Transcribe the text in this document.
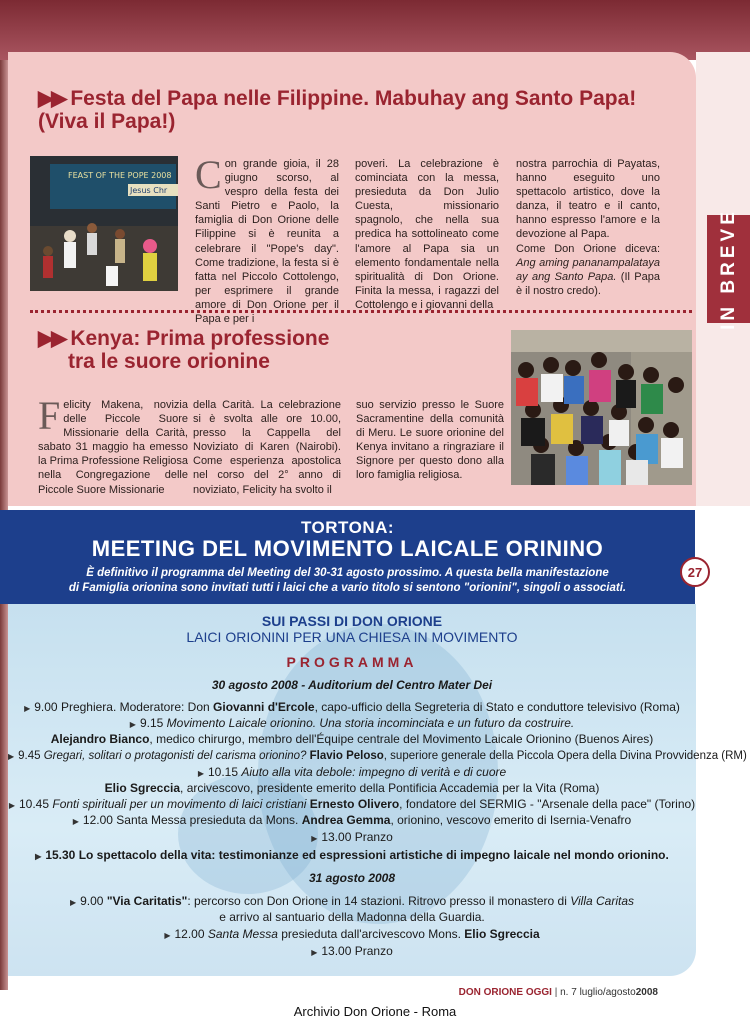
IN BREVE
▶▶ Festa del Papa nelle Filippine. Mabuhay ang Santo Papa!
(Viva il Papa!)
FEAST OF THE POPE 2008
Jesus Chr Con grande gioia, il 28 giugno scorso, al vespro della festa dei Santi Pietro e Paolo, la famiglia di Don Orione delle Filippine si è reunita a celebrare il "Pope's day". Come tradizione, la festa si è fatta nel Piccolo Cottolengo, per esprimere il grande amore di Don Orione per il Papa e per i
poveri. La celebrazione è cominciata con la messa, presieduta da Don Julio Cuesta, missionario spagnolo, che nella sua predica ha sottolineato come l'amore al Papa sia un elemento fondamentale nella spiritualità di Don Orione. Finita la messa, i ragazzi del Cottolengo e i giovanni della
nostra parrochia di Payatas, hanno eseguito uno spettacolo artistico, dove la danza, il teatro e il canto, hanno espresso l'amore e la devozione al Papa.
Come Don Orione diceva: Ang aming pananampalataya ay ang Santo Papa. (Il Papa è il nostro credo).
▶▶ Kenya: Prima professione
tra le suore orionine
Felicity Makena, novizia delle Piccole Suore Missionarie della Carità, sabato 31 maggio ha emesso la Prima Professione Religiosa nella Congregazione delle Piccole Suore Missionarie
della Carità. La celebrazione si è svolta alle ore 10.00, presso la Cappella del Noviziato di Karen (Nairobi). Come esperienza apostolica nel corso del 2° anno di noviziato, Felicity ha svolto il
suo servizio presso le Suore Sacramentine della comunità di Meru. Le suore orionine del Kenya invitano a ringraziare il Signore per questo dono alla loro famiglia religiosa.
TORTONA:
MEETING DEL MOVIMENTO LAICALE ORININO
È definitivo il programma del Meeting del 30-31 agosto prossimo. A questa bella manifestazione
di Famiglia orionina sono invitati tutti i laici che a vario titolo si sentono "orionini", singoli o associati.
27
SUI PASSI DI DON ORIONE
LAICI ORIONINI PER UNA CHIESA IN MOVIMENTO
PROGRAMMA
30 agosto 2008 - Auditorium del Centro Mater Dei
▶ 9.00 Preghiera. Moderatore: Don Giovanni d'Ercole, capo-ufficio della Segreteria di Stato e conduttore televisivo (Roma)
▶ 9.15 Movimento Laicale orionino. Una storia incominciata e un futuro da costruire.
Alejandro Bianco, medico chirurgo, membro dell'Équipe centrale del Movimento Laicale Orionino (Buenos Aires)
▶ 9.45 Gregari, solitari o protagonisti del carisma orionino? Flavio Peloso, superiore generale della Piccola Opera della Divina Provvidenza (RM)
▶ 10.15 Aiuto alla vita debole: impegno di verità e di cuore
Elio Sgreccia, arcivescovo, presidente emerito della Pontificia Accademia per la Vita (Roma)
▶ 10.45 Fonti spirituali per un movimento di laici cristiani Ernesto Olivero, fondatore del SERMIG - "Arsenale della pace" (Torino)
▶ 12.00 Santa Messa presieduta da Mons. Andrea Gemma, orionino, vescovo emerito di Isernia-Venafro
▶ 13.00 Pranzo
▶ 15.30 Lo spettacolo della vita: testimonianze ed espressioni artistiche di impegno laicale nel mondo orionino.
31 agosto 2008
▶ 9.00 "Via Caritatis": percorso con Don Orione in 14 stazioni. Ritrovo presso il monastero di Villa Caritas
e arrivo al santuario della Madonna della Guardia.
▶ 12.00 Santa Messa presieduta dall'arcivescovo Mons. Elio Sgreccia
▶ 13.00 Pranzo
DON ORIONE OGGI | n. 7 luglio/agosto2008
Archivio Don Orione - Roma
